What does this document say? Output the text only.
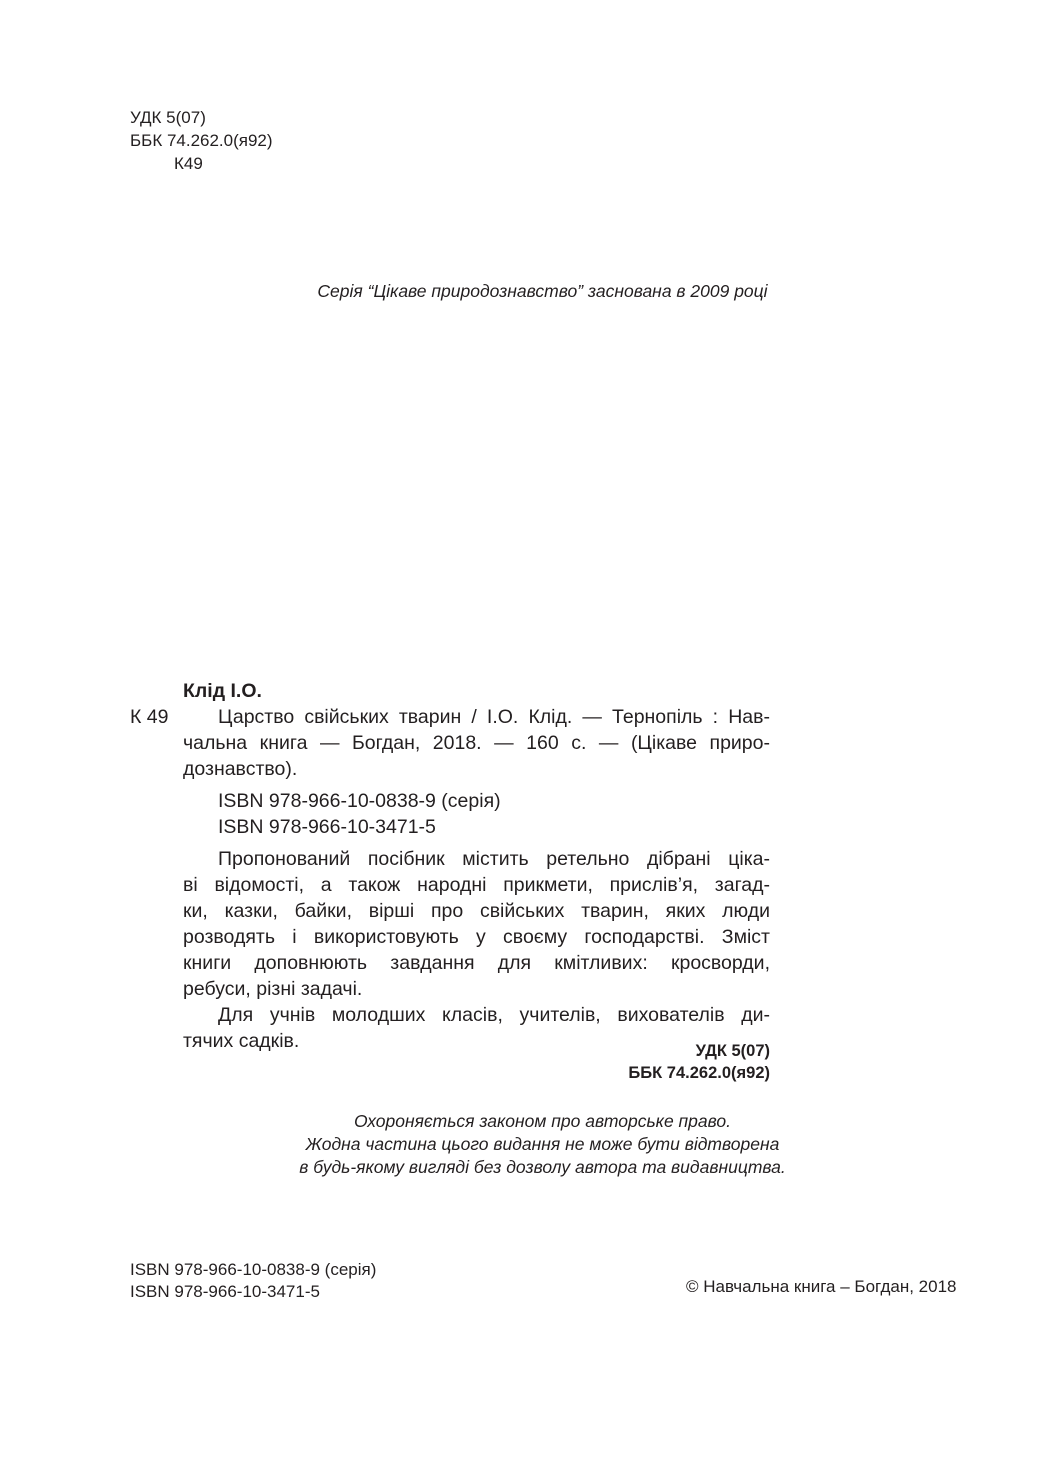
УДК 5(07)
ББК 74.262.0(я92)
К49
Серія “Цікаве природознавство” заснована в 2009 році
Клід І.О.
К 49	Царство свійських тварин / І.О. Клід. — Тернопіль : Нав-
чальна книга — Богдан, 2018. — 160 с. — (Цікаве приро-
дознавство).
ISBN 978-966-10-0838-9 (серія)
ISBN 978-966-10-3471-5
Пропонований посібник містить ретельно дібрані ціка-
ві відомості, а також народні прикмети, прислів’я, загад-
ки, казки, байки, вірші про свійських тварин, яких люди
розводять і використовують у своєму господарстві. Зміст
книги доповнюють завдання для кмітливих: кросворди,
ребуси, різні задачі.
Для учнів молодших класів, учителів, вихователів ди-
тячих садків.	УДК 5(07)
ББК 74.262.0(я92)
Охороняється законом про авторське право.
Жодна частина цього видання не може бути відтворена
в будь-якому вигляді без дозволу автора та видавництва.
ISBN 978-966-10-0838-9 (серія)
ISBN 978-966-10-3471-5	© Навчальна книга – Богдан, 2018
